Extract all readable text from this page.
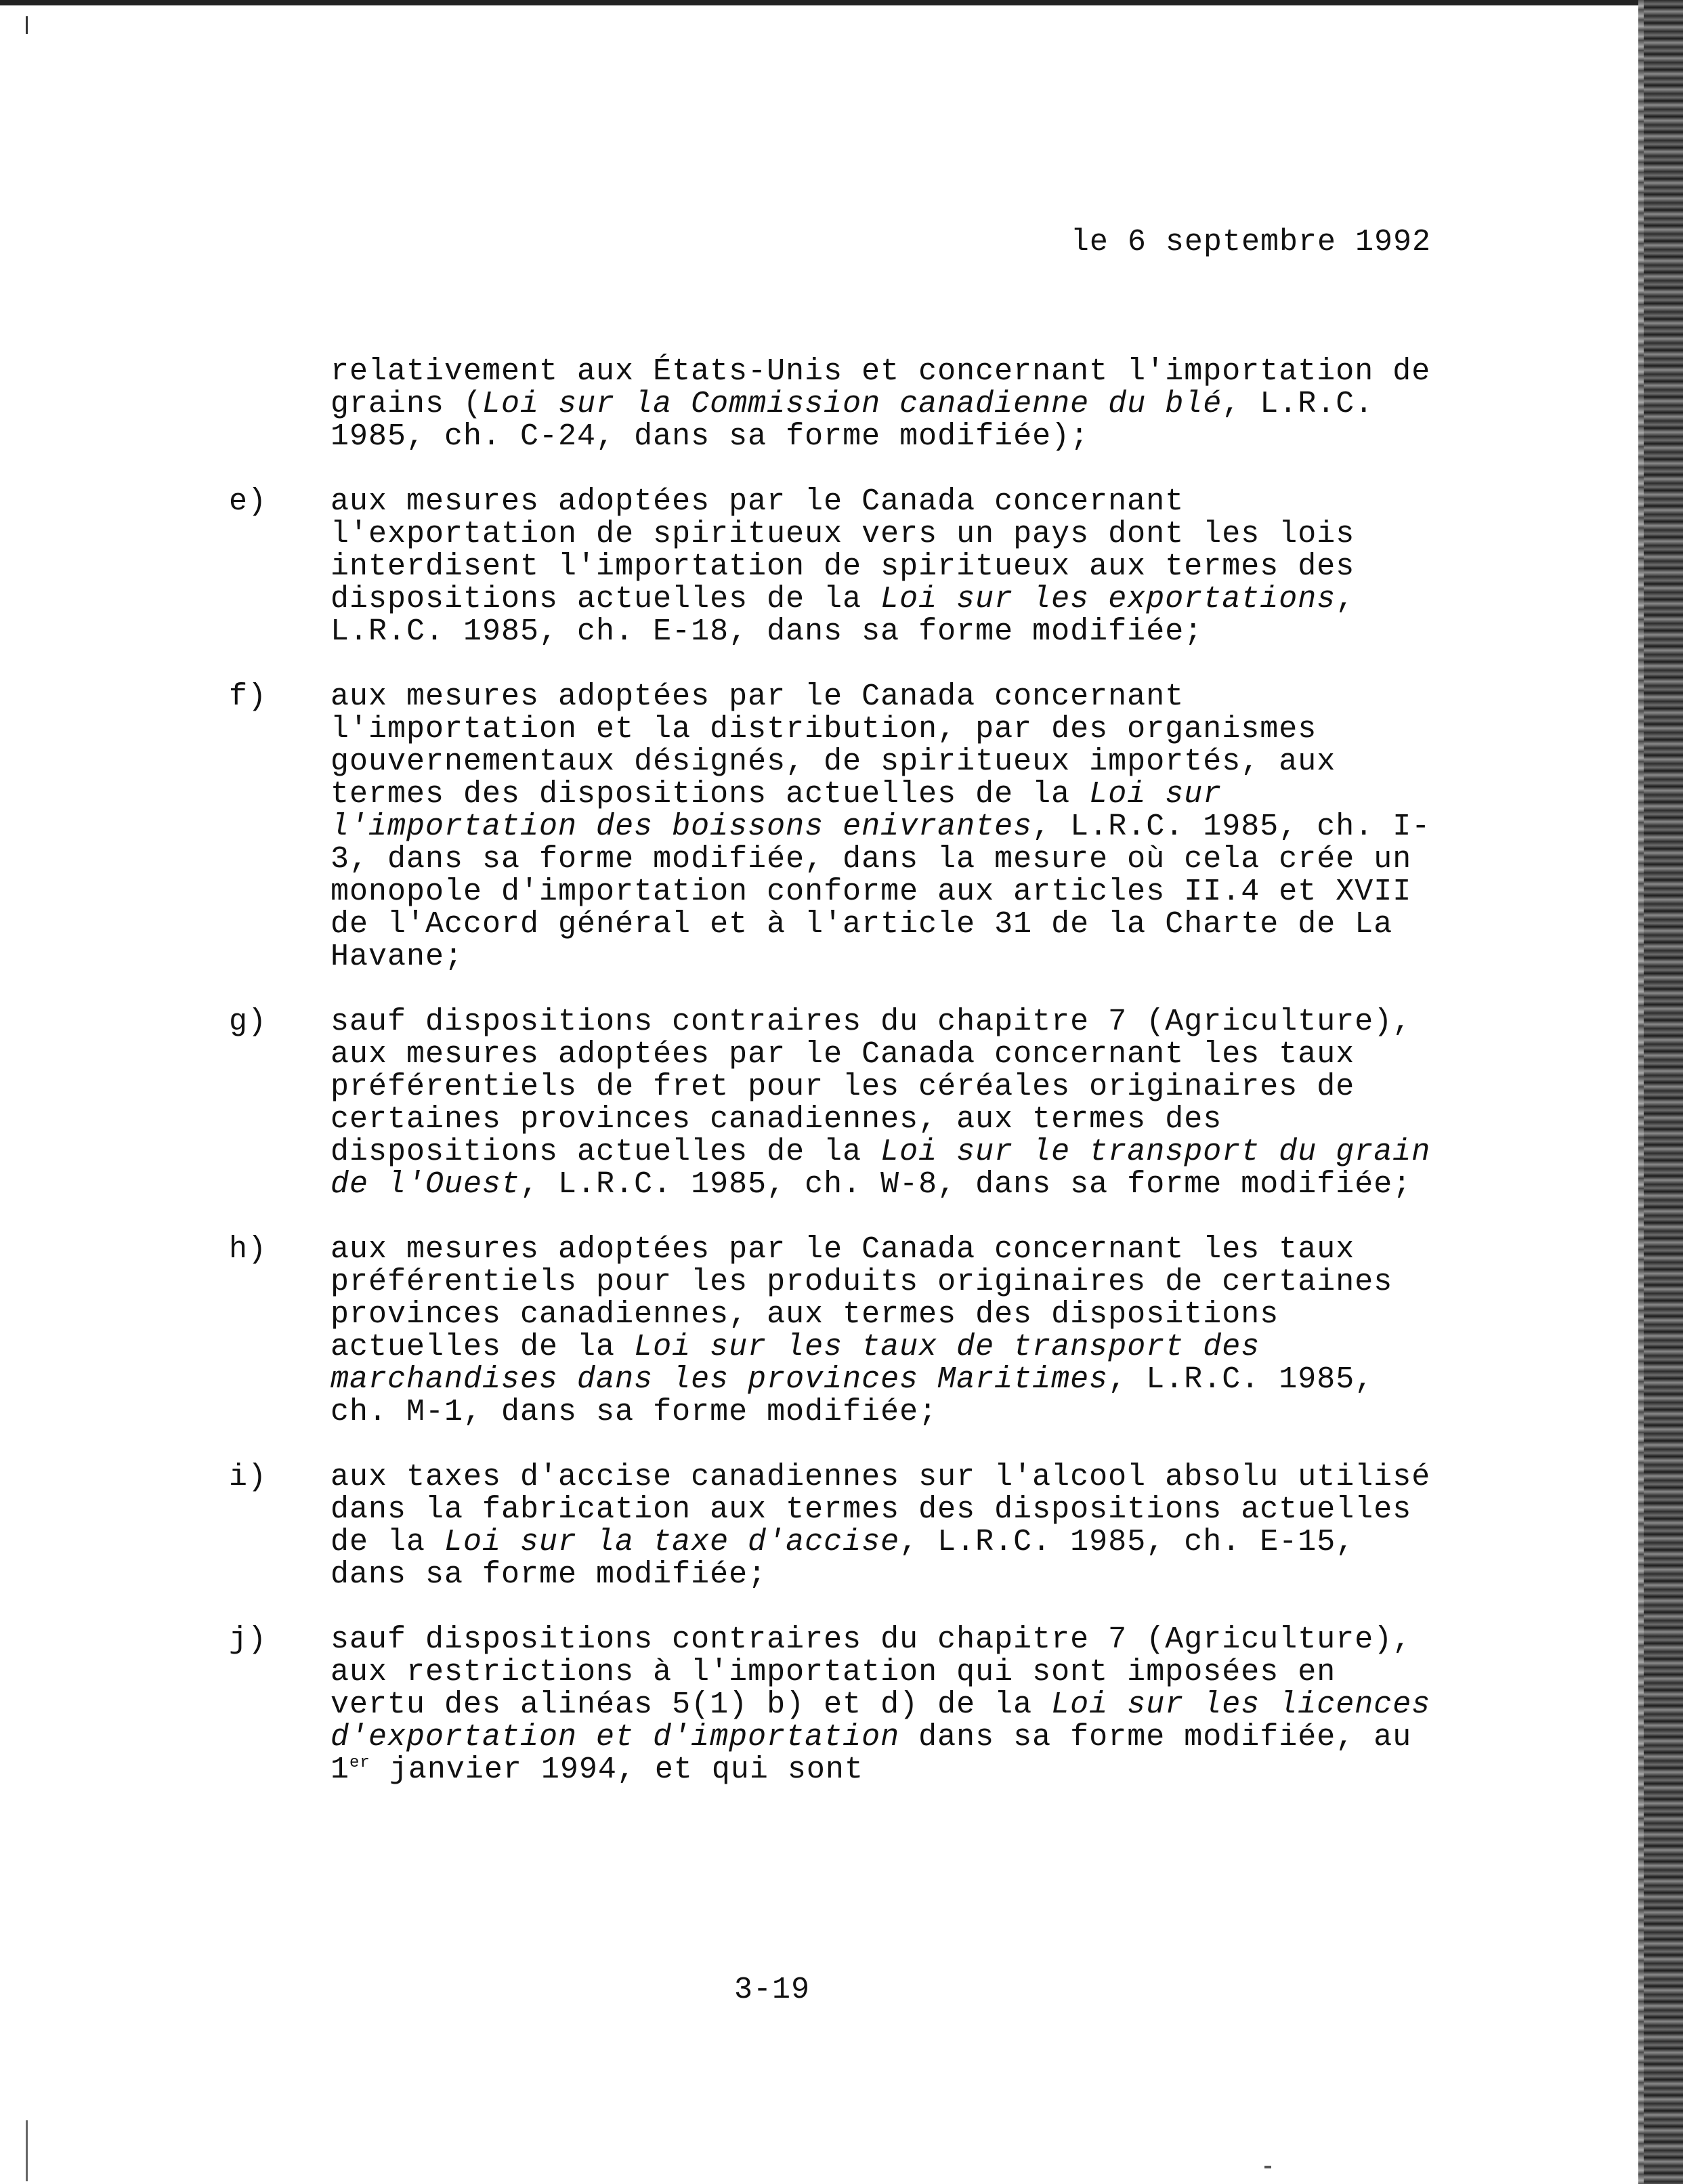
le 6 septembre 1992

relativement aux États-Unis et concernant l'importation de grains (Loi sur la Commission canadienne du blé, L.R.C. 1985, ch. C-24, dans sa forme modifiée);

e)	aux mesures adoptées par le Canada concernant l'exportation de spiritueux vers un pays dont les lois interdisent l'importation de spiritueux aux termes des dispositions actuelles de la Loi sur les exportations, L.R.C. 1985, ch. E-18, dans sa forme modifiée;
f)	aux mesures adoptées par le Canada concernant l'importation et la distribution, par des organismes gouvernementaux désignés, de spiritueux importés, aux termes des dispositions actuelles de la Loi sur l'importation des boissons enivrantes, L.R.C. 1985, ch. I-3, dans sa forme modifiée, dans la mesure où cela crée un monopole d'importation conforme aux articles II.4 et XVII de l'Accord général et à l'article 31 de la Charte de La Havane;
g)	sauf dispositions contraires du chapitre 7 (Agriculture), aux mesures adoptées par le Canada concernant les taux préférentiels de fret pour les céréales originaires de certaines provinces canadiennes, aux termes des dispositions actuelles de la Loi sur le transport du grain de l'Ouest, L.R.C. 1985, ch. W-8, dans sa forme modifiée;
h)	aux mesures adoptées par le Canada concernant les taux préférentiels pour les produits originaires de certaines provinces canadiennes, aux termes des dispositions actuelles de la Loi sur les taux de transport des marchandises dans les provinces Maritimes, L.R.C. 1985, ch. M-1, dans sa forme modifiée;
i)	aux taxes d'accise canadiennes sur l'alcool absolu utilisé dans la fabrication aux termes des dispositions actuelles de la Loi sur la taxe d'accise, L.R.C. 1985, ch. E-15, dans sa forme modifiée;
j)	sauf dispositions contraires du chapitre 7 (Agriculture), aux restrictions à l'importation qui sont imposées en vertu des alinéas 5(1) b) et d) de la Loi sur les licences d'exportation et d'importation dans sa forme modifiée, au 1er janvier 1994, et qui sont
3-19
